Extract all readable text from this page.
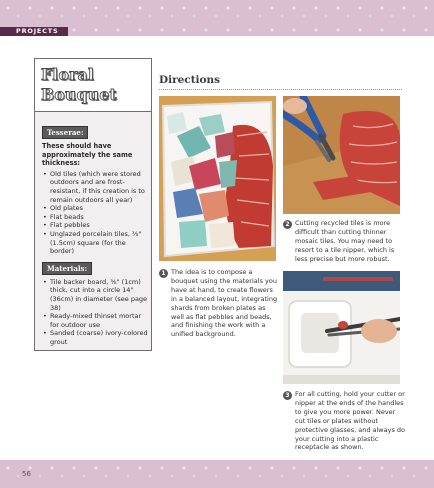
PROJECTS
Floral
Bouquet
Tesserae:
These should have approximately the same thickness:
• Old tiles (which were stored outdoors and are frost-resistant, if this creation is to remain outdoors all year)
• Old plates
• Flat beads
• Flat pebbles
• Unglazed porcelain tiles, ⅜" (1.5cm) square (for the border)
Materials:
• Tile backer board, ⅜" (1cm) thick, cut into a circle 14" (36cm) in diameter (see page 38)
• Ready-mixed thinset mortar for outdoor use
• Sanded (coarse) ivory-colored grout
Directions
1 The idea is to compose a bouquet using the materials you have at hand, to create flowers in a balanced layout, integrating shards from broken plates as well as flat pebbles and beads, and finishing the work with a unified background.
2 Cutting recycled tiles is more difficult than cutting thinner mosaic tiles. You may need to resort to a tile nipper, which is less precise but more robust.
3 For all cutting, hold your cutter or nipper at the ends of the handles to give you more power. Never cut tiles or plates without protective glasses, and always do your cutting into a plastic receptacle as shown.
56
